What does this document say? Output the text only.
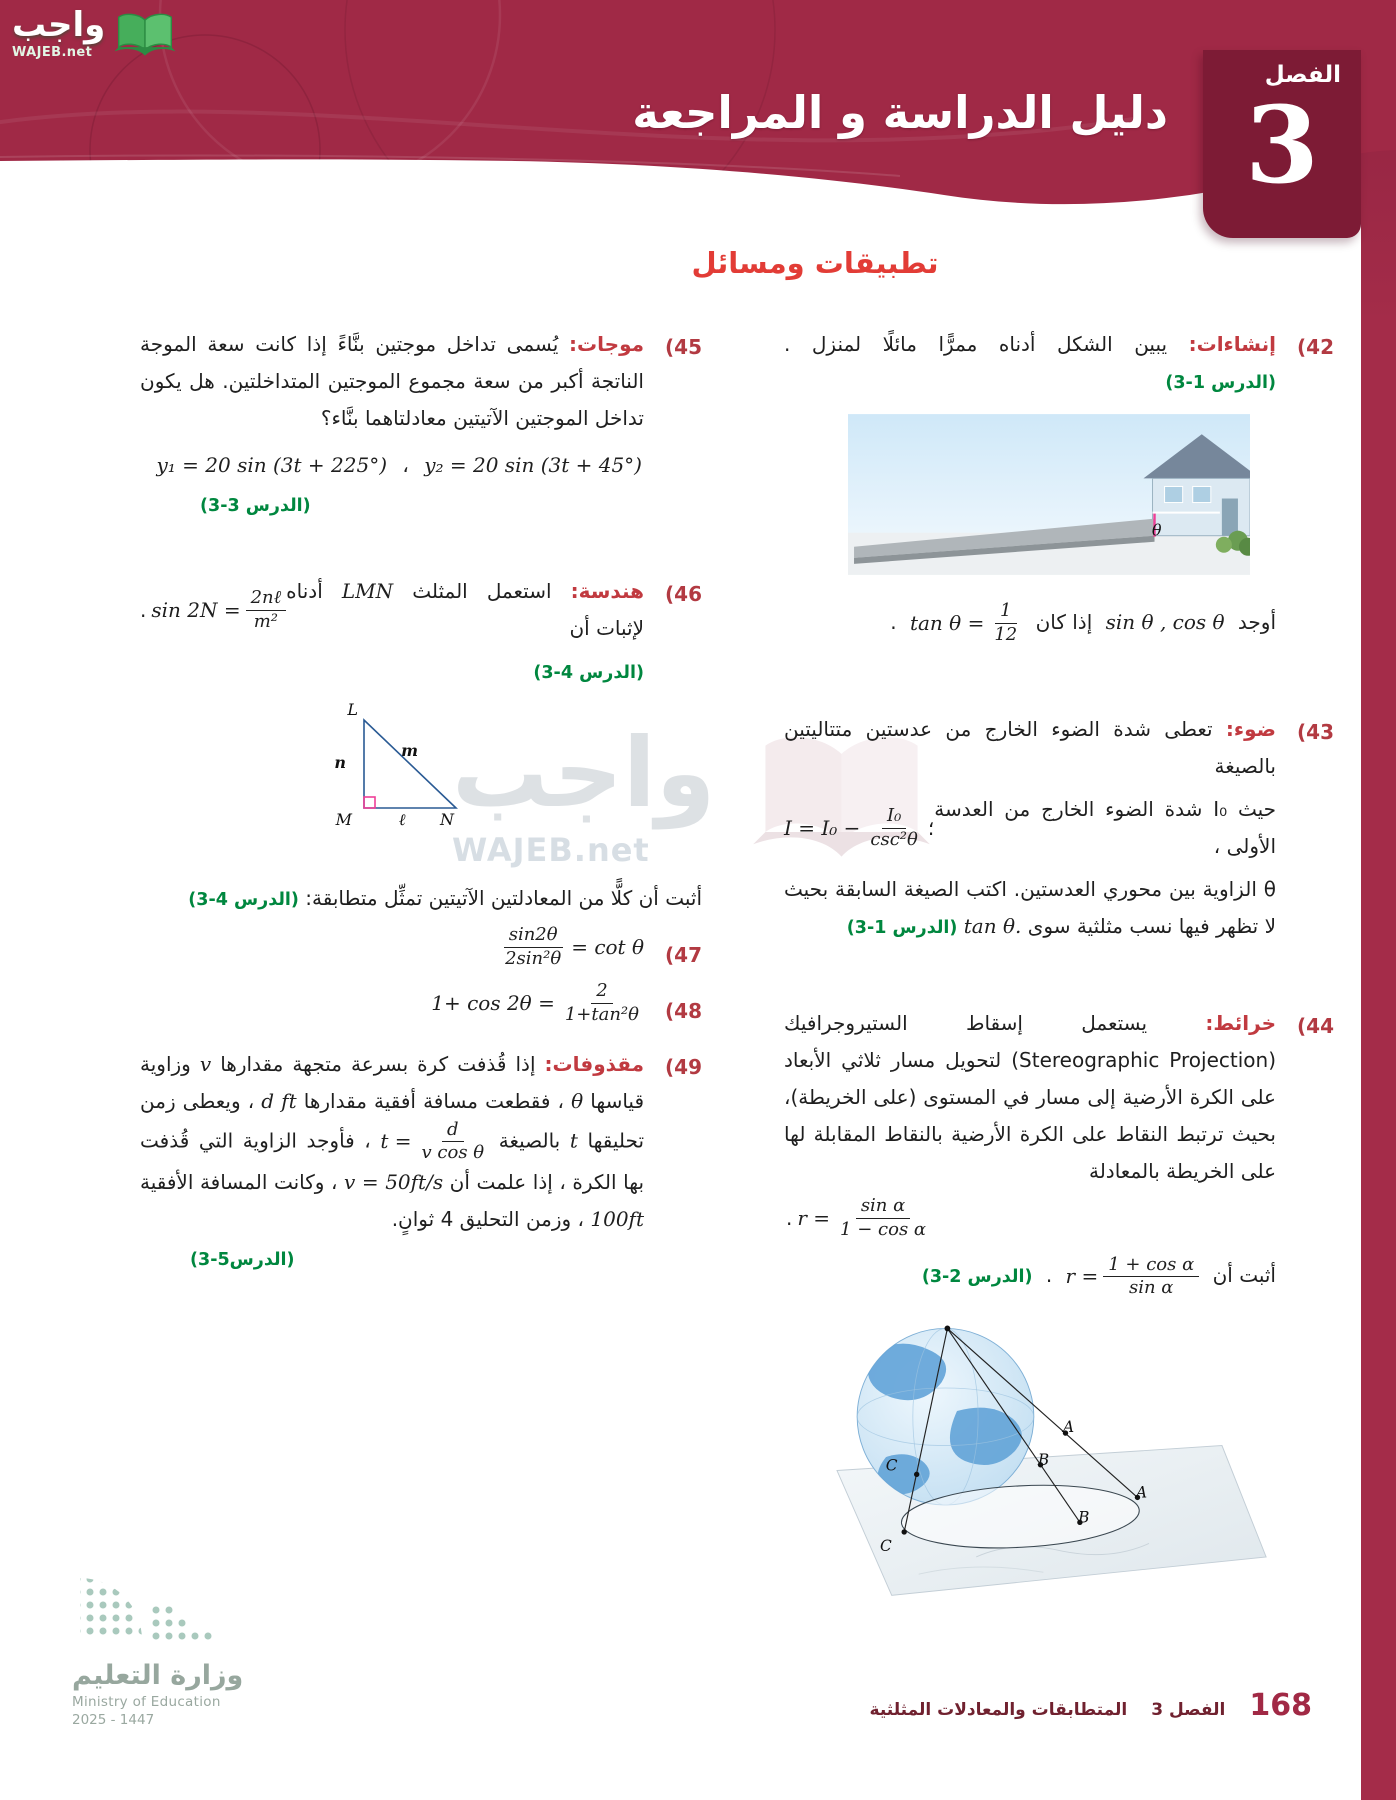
واجب
WAJEB.net
دليل الدراسة و المراجعة
الفصل
3
تطبيقات ومسائل
واجب
WAJEB.net
(42

إنشاءات: يبين الشكل أدناه ممرًّا مائلًا لمنزل . (الدرس 1-3)

θ
أوجد sin θ , cos θ إذا كان
$\tan \theta = \frac{1}{12}$
.
(43

ضوء: تعطى شدة الضوء الخارج من عدستين متتاليتين بالصيغة

حيث I₀ شدة الضوء الخارج من العدسة الأولى ،
$I = I_0 - \frac{\text{I₀}}{\text{csc²θ}}$ ؛

θ الزاوية بين محوري العدستين. اكتب الصيغة السابقة بحيث لا تظهر فيها نسب مثلثية سوى tan θ. (الدرس 1-3)

(44

خرائط: يستعمل إسقاط الستيروجرافيك (Stereographic Projection) لتحويل مسار ثلاثي الأبعاد على الكرة الأرضية إلى مسار في المستوى (على الخريطة)، بحيث ترتبط النقاط على الكرة الأرضية بالنقاط المقابلة لها على الخريطة بالمعادلة

. $r = \frac{\text{sin α}}{\text{1 − cos α}}$
أثبت أن
$r = \frac{\text{1 + cos α}}{\text{sin α}}$
. (الدرس 2-3)
A
B
C
A
B
C
(45

موجات: يُسمى تداخل موجتين بنَّاءً إذا كانت سعة الموجة الناتجة أكبر من سعة مجموع الموجتين المتداخلتين. هل يكون تداخل الموجتين الآتيتين معادلتاهما بنَّاء؟

y₁ = 20 sin (3t + 225°) ، y₂ = 20 sin (3t + 45°)
(الدرس 3-3)
(46
هندسة: استعمل المثلث LMN أدناه لإثبات أن
. $\sin 2N = \frac{\text{2nℓ}}{\text{m²}}$
(الدرس 4-3)
L
M	N
n
m
ℓ

أثبت أن كلًّا من المعادلتين الآتيتين تمثِّل متطابقة: (الدرس 4-3)

(47
$\frac{\sin 2\theta}{\text{2sin²θ}} = \cot \theta$
(48
$1+ \cos 2\theta = \frac{2}{\text{1+tan²θ}}$
(49

مقذوفات: إذا قُذفت كرة بسرعة متجهة مقدارها v وزاوية قياسها θ ، فقطعت مسافة أفقية مقدارها d ft ، ويعطى زمن تحليقها t بالصيغة
$t = \frac{d}{\text{v cos θ}}$
، فأوجد الزاوية التي قُذفت بها الكرة ، إذا علمت أن v = 50ft/s ، وكانت المسافة الأفقية 100ft ، وزمن التحليق 4 ثوانٍ.

(الدرس5-3)
وزارة التعليم
Ministry of Education
2025 - 1447	168
الفصل 3
المتطابقات والمعادلات المثلثية
